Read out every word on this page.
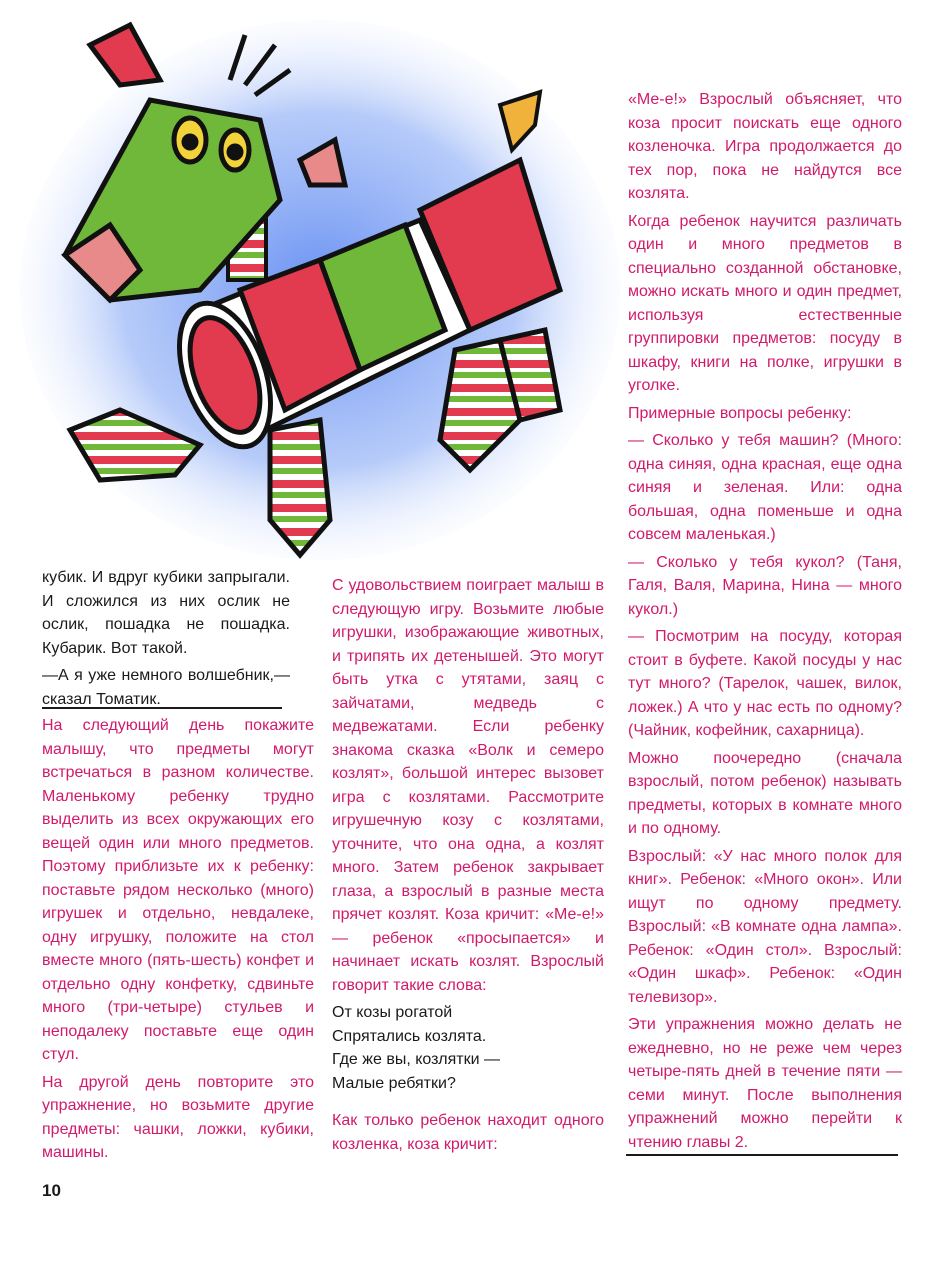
кубик. И вдруг кубики запрыгали. И сложился из них ослик не ослик, пошадка не пошадка. Кубарик. Вот такой.

—А я уже немного волшебник,— сказал Томатик.

На следующий день покажите малышу, что предметы могут встречаться в разном количестве. Маленькому ребенку трудно выделить из всех окружающих его вещей один или много предметов. Поэтому приблизьте их к ребенку: поставьте рядом несколько (много) игрушек и отдельно, невдалеке, одну игрушку, положите на стол вместе много (пять-шесть) конфет и отдельно одну конфетку, сдвиньте много (три-четыре) стульев и неподалеку поставьте еще один стул.

На другой день повторите это упражнение, но возьмите другие предметы: чашки, ложки, кубики, машины.

С удовольствием поиграет малыш в следующую игру. Возьмите любые игрушки, изображающие животных, и трипять их детенышей. Это могут быть утка с утятами, заяц с зайчатами, медведь с медвежатами. Если ребенку знакома сказка «Волк и семеро козлят», большой интерес вызовет игра с козлятами. Рассмотрите игрушечную козу с козлятами, уточните, что она одна, а козлят много. Затем ребенок закрывает глаза, а взрослый в разные места прячет козлят. Коза кричит: «Ме-е!» — ребенок «просыпается» и начинает искать козлят. Взрослый говорит такие слова:

От козы рогатой
Спрятались козлята.
Где же вы, козлятки —
Малые ребятки?

Как только ребенок находит одного козленка, коза кричит:

«Ме-е!» Взрослый объясняет, что коза просит поискать еще одного козленочка. Игра продолжается до тех пор, пока не найдутся все козлята.

Когда ребенок научится различать один и много предметов в специально созданной обстановке, можно искать много и один предмет, используя естественные группировки предметов: посуду в шкафу, книги на полке, игрушки в уголке.

Примерные вопросы ребенку:

— Сколько у тебя машин? (Много: одна синяя, одна красная, еще одна синяя и зеленая. Или: одна большая, одна поменьше и одна совсем маленькая.)

— Сколько у тебя кукол? (Таня, Галя, Валя, Марина, Нина — много кукол.)

— Посмотрим на посуду, которая стоит в буфете. Какой посуды у нас тут много? (Тарелок, чашек, вилок, ложек.) А что у нас есть по одному? (Чайник, кофейник, сахарница).

Можно поочередно (сначала взрослый, потом ребенок) называть предметы, которых в комнате много и по одному.

Взрослый: «У нас много полок для книг». Ребенок: «Много окон». Или ищут по одному предмету. Взрослый: «В комнате одна лампа». Ребенок: «Один стол». Взрослый: «Один шкаф». Ребенок: «Один телевизор».

Эти упражнения можно делать не ежедневно, но не реже чем через четыре-пять дней в течение пяти — семи минут. После выполнения упражнений можно перейти к чтению главы 2.

10
